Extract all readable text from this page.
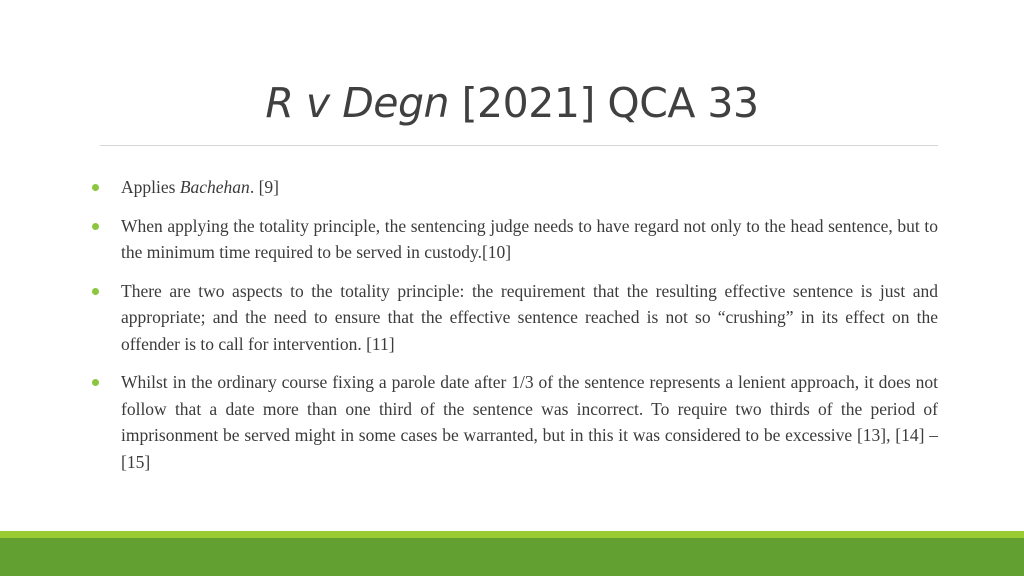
R v Degn [2021] QCA 33
Applies Bachehan. [9]
When applying the totality principle, the sentencing judge needs to have regard not only to the head sentence, but to the minimum time required to be served in custody.[10]
There are two aspects to the totality principle: the requirement that the resulting effective sentence is just and appropriate; and the need to ensure that the effective sentence reached is not so “crushing” in its effect on the offender is to call for intervention. [11]
Whilst in the ordinary course fixing a parole date after 1/3 of the sentence represents a lenient approach, it does not follow that a date more than one third of the sentence was incorrect. To require two thirds of the period of imprisonment be served might in some cases be warranted, but in this it was considered to be excessive [13], [14] – [15]
